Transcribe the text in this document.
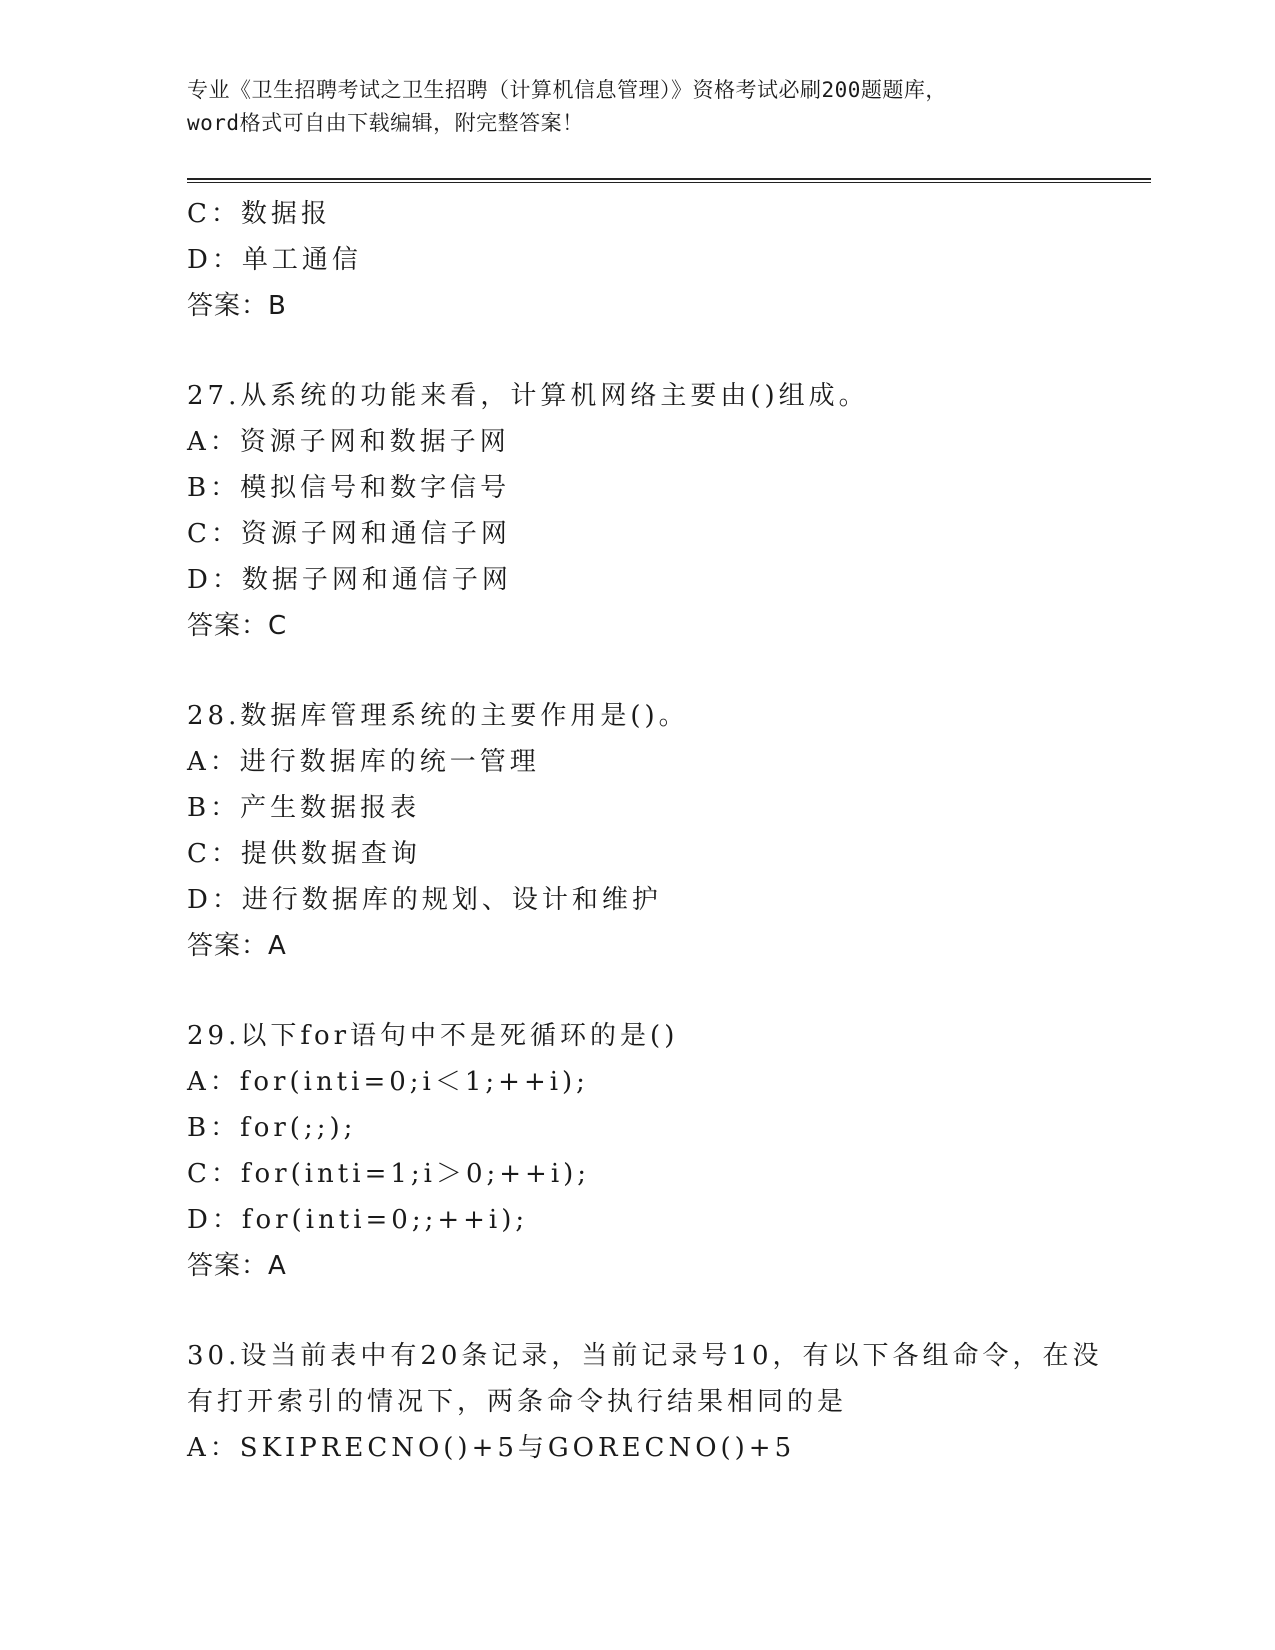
专业《卫生招聘考试之卫生招聘（计算机信息管理）》资格考试必刷200题题库，
word格式可自由下载编辑，附完整答案！
C：数据报
D：单工通信
答案：B
27.从系统的功能来看，计算机网络主要由()组成。
A：资源子网和数据子网
B：模拟信号和数字信号
C：资源子网和通信子网
D：数据子网和通信子网
答案：C
28.数据库管理系统的主要作用是()。
A：进行数据库的统一管理
B：产生数据报表
C：提供数据查询
D：进行数据库的规划、设计和维护
答案：A
29.以下for语句中不是死循环的是()
A：for(inti=0;i＜1;++i);
B：for(;;);
C：for(inti=1;i＞0;++i);
D：for(inti=0;;++i);
答案：A
30.设当前表中有20条记录，当前记录号10，有以下各组命令，在没
有打开索引的情况下，两条命令执行结果相同的是
A：SKIPRECNO()+5与GORECNO()+5
